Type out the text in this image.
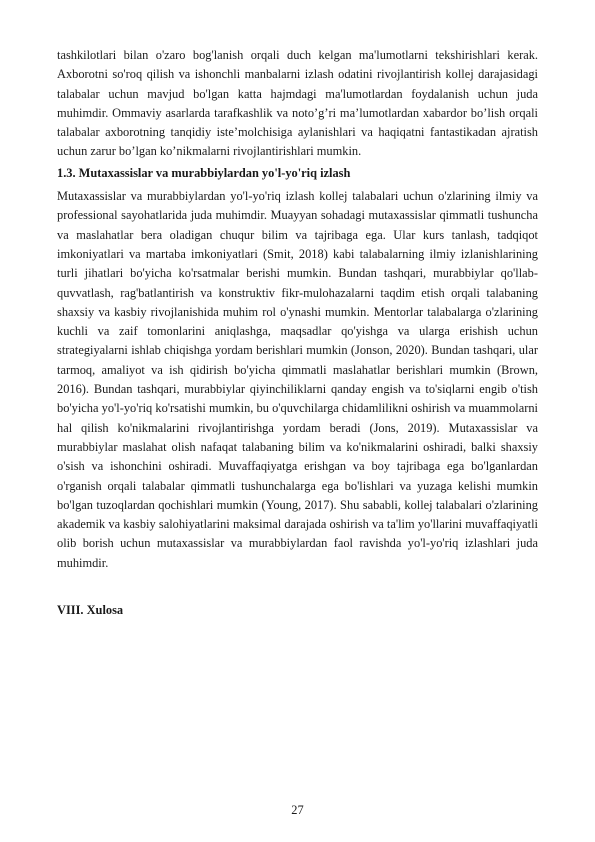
tashkilotlari bilan o'zaro bog'lanish orqali duch kelgan ma'lumotlarni tekshirishlari kerak. Axborotni so'roq qilish va ishonchli manbalarni izlash odatini rivojlantirish kollej darajasidagi talabalar uchun mavjud bo'lgan katta hajmdagi ma'lumotlardan foydalanish uchun juda muhimdir. Ommaviy asarlarda tarafkashlik va noto’g’ri ma’lumotlardan xabardor bo’lish orqali talabalar axborotning tanqidiy iste’molchisiga aylanishlari va haqiqatni fantastikadan ajratish uchun zarur bo’lgan ko’nikmalarni rivojlantirishlari mumkin.

1.3. Mutaxassislar va murabbiylardan yo'l-yo'riq izlash

Mutaxassislar va murabbiylardan yo'l-yo'riq izlash kollej talabalari uchun o'zlarining ilmiy va professional sayohatlarida juda muhimdir. Muayyan sohadagi mutaxassislar qimmatli tushuncha va maslahatlar bera oladigan chuqur bilim va tajribaga ega. Ular kurs tanlash, tadqiqot imkoniyatlari va martaba imkoniyatlari (Smit, 2018) kabi talabalarning ilmiy izlanishlarining turli jihatlari bo'yicha ko'rsatmalar berishi mumkin. Bundan tashqari, murabbiylar qo'llab-quvvatlash, rag'batlantirish va konstruktiv fikr-mulohazalarni taqdim etish orqali talabaning shaxsiy va kasbiy rivojlanishida muhim rol o'ynashi mumkin. Mentorlar talabalarga o'zlarining kuchli va zaif tomonlarini aniqlashga, maqsadlar qo'yishga va ularga erishish uchun strategiyalarni ishlab chiqishga yordam berishlari mumkin (Jonson, 2020). Bundan tashqari, ular tarmoq, amaliyot va ish qidirish bo'yicha qimmatli maslahatlar berishlari mumkin (Brown, 2016). Bundan tashqari, murabbiylar qiyinchiliklarni qanday engish va to'siqlarni engib o'tish bo'yicha yo'l-yo'riq ko'rsatishi mumkin, bu o'quvchilarga chidamlilikni oshirish va muammolarni hal qilish ko'nikmalarini rivojlantirishga yordam beradi (Jons, 2019). Mutaxassislar va murabbiylar maslahat olish nafaqat talabaning bilim va ko'nikmalarini oshiradi, balki shaxsiy o'sish va ishonchini oshiradi. Muvaffaqiyatga erishgan va boy tajribaga ega bo'lganlardan o'rganish orqali talabalar qimmatli tushunchalarga ega bo'lishlari va yuzaga kelishi mumkin bo'lgan tuzoqlardan qochishlari mumkin (Young, 2017). Shu sababli, kollej talabalari o'zlarining akademik va kasbiy salohiyatlarini maksimal darajada oshirish va ta'lim yo'llarini muvaffaqiyatli olib borish uchun mutaxassislar va murabbiylardan faol ravishda yo'l-yo'riq izlashlari juda muhimdir.

VIII. Xulosa
27
